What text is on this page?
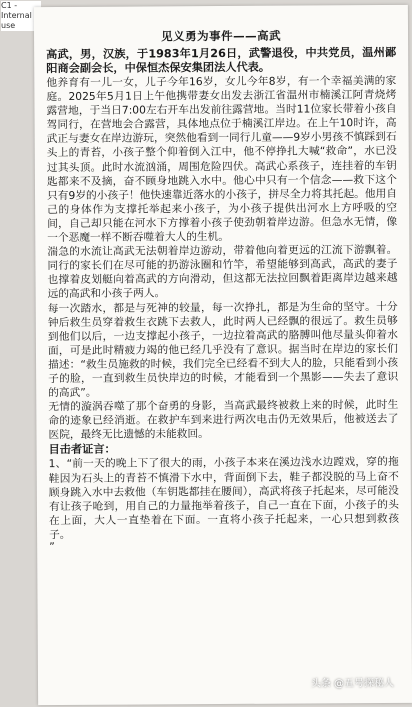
C1 - Internal use
见义勇为事件——高武

高武，男，汉族，于1983年1月26日，武警退役，中共党员，温州鄙阳商会副会长，中保恒杰保安集团法人代表。

他养育有一儿一女，儿子今年16岁，女儿今年8岁，有一个幸福美满的家庭。2025年5月1日上午他携带妻女出发去浙江省温州市楠溪江阿青烧烤露营地，于当日7:00左右开车出发前往露营地。当时11位家长带着小孩自驾同行，在营地会合露营，具体地点位于楠溪江岸边。在上午10时许，高武正与妻女在岸边游玩，突然他看到一同行儿童——9岁小男孩不慎踩到石头上的青苔，小孩子整个仰着倒入江中，他不停挣扎大喊“救命”，水已没过其头顶。此时水流汹涌，周围危险四伏。高武心系孩子，连挂着的车钥匙都来不及摘，奋不顾身地跳入水中。他心中只有一个信念——救下这个只有9岁的小孩子！他快速靠近落水的小孩子，拼尽全力将其托起。他用自己的身体作为支撑托举起来小孩子，为小孩子提供出河水上方呼吸的空间，自己却只能在河水下方撑着小孩子使劲朝着岸边游。但急水无情，像一个恶魔一样不断吞噬着大人的生机。

湍急的水流让高武无法朝着岸边游动，带着他向着更远的江流下游飘着。同行的家长们在尽可能的扔游泳圈和竹竿，希望能够到高武，高武的妻子也撑着皮划艇向着高武的方向滑动，但这都无法拉回飘着距离岸边越来越远的高武和小孩子两人。

每一次踏水，都是与死神的较量，每一次挣扎，都是为生命的坚守。十分钟后救生员穿着救生衣跳下去救人，此时两人已经飘的很远了。救生员够到他们以后，一边支撑起小孩子，一边拉着高武的胳膊叫他尽量头仰着水面，可是此时精疲力竭的他已经几乎没有了意识。据当时在岸边的家长们描述：“救生员施救的时候，我们完全已经看不到大人的脸，只能看到小孩子的脸，一直到救生员快岸边的时候，才能看到一个黑影——失去了意识的高武”。

无情的漩涡吞噬了那个奋勇的身影，当高武最终被救上来的时候，此时生命的迹象已经消逝。在救护车到来进行两次电击仍无效果后，他被送去了医院，最终无比遗憾的未能救回。

目击者证言：

1、“前一天的晚上下了很大的雨，小孩子本来在溪边浅水边蹚戏，穿的拖鞋因为石头上的青苔不慎滑下水中，背面倒下去，鞋子都没脱的马上奋不顾身跳入水中去救他（车钥匙都挂在腰间），高武将孩子托起来，尽可能没有让孩子呛到，用自己的力量拖举着孩子，自己一直在下面，小孩子的头在上面，大人一直垫着在下面。一直将小孩子托起来，一心只想到救孩子。

”

头条 @五号探秘人
